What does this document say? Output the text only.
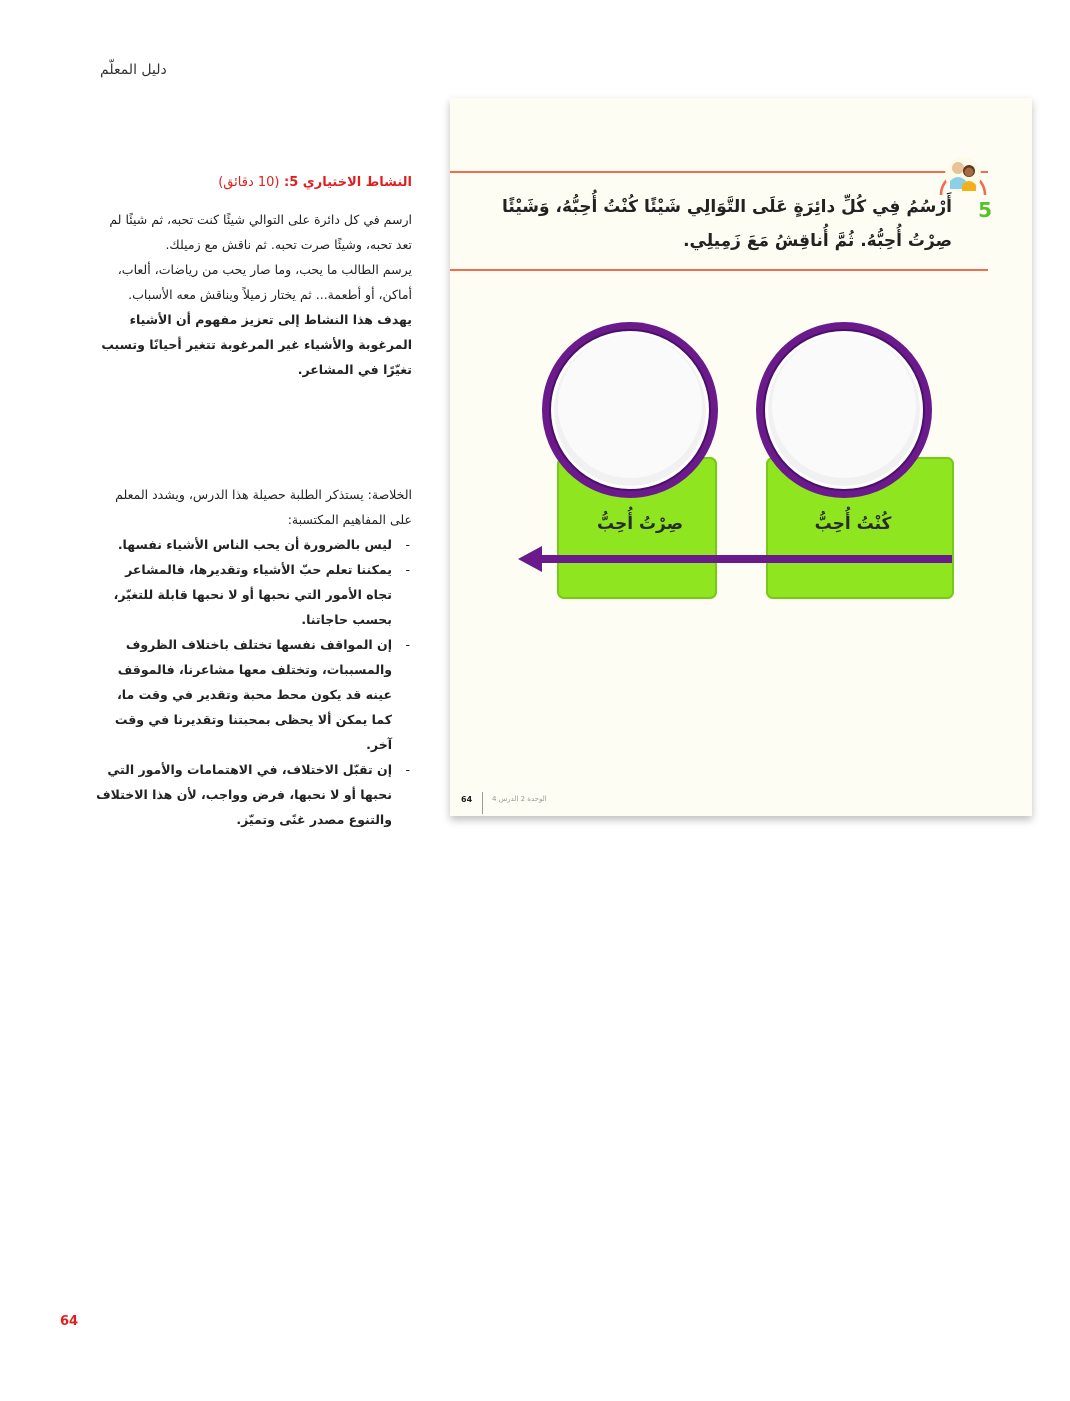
دليل المعلّم
النشاط الاختياري 5: (10 دقائق)

ارسم في كل دائرة على التوالي شيئًا كنت تحبه، ثم شيئًا لم تعد تحبه، وشيئًا صرت تحبه. ثم ناقش مع زميلك.

يرسم الطالب ما يحب، وما صار يحب من رياضات، ألعاب، أماكن، أو أطعمة... ثم يختار زميلاً ويناقش معه الأسباب.

يهدف هذا النشاط إلى تعزيز مفهوم أن الأشياء المرغوبة والأشياء غير المرغوبة تتغير أحيانًا وتسبب تغيّرًا في المشاعر.

الخلاصة: يستذكر الطلبة حصيلة هذا الدرس، ويشدد المعلم على المفاهيم المكتسبة:

- ليس بالضرورة أن يحب الناس الأشياء نفسها.
- يمكننا تعلم حبّ الأشياء وتقديرها، فالمشاعر تجاه الأمور التي نحبها أو لا نحبها قابلة للتغيّر، بحسب حاجاتنا.
- إن المواقف نفسها تختلف باختلاف الظروف والمسببات، وتختلف معها مشاعرنا، فالموقف عينه قد يكون محط محبة وتقدير في وقت ما، كما يمكن ألا يحظى بمحبتنا وتقديرنا في وقت آخر.
- إن تقبّل الاختلاف، في الاهتمامات والأمور التي نحبها أو لا نحبها، فرض وواجب، لأن هذا الاختلاف والتنوع مصدر غنًى وتميّز.
5
أَرْسُمُ فِي كُلِّ دائِرَةٍ عَلَى التَّوَالِي شَيْئًا كُنْتُ أُحِبُّهُ، وَشَيْئًا صِرْتُ أُحِبُّهُ. ثُمَّ أُناقِشُ مَعَ زَمِيلِي.
كُنْتُ أُحِبُّ
صِرْتُ أُحِبُّ
64	الوحدة 2 الدرس 4
64
